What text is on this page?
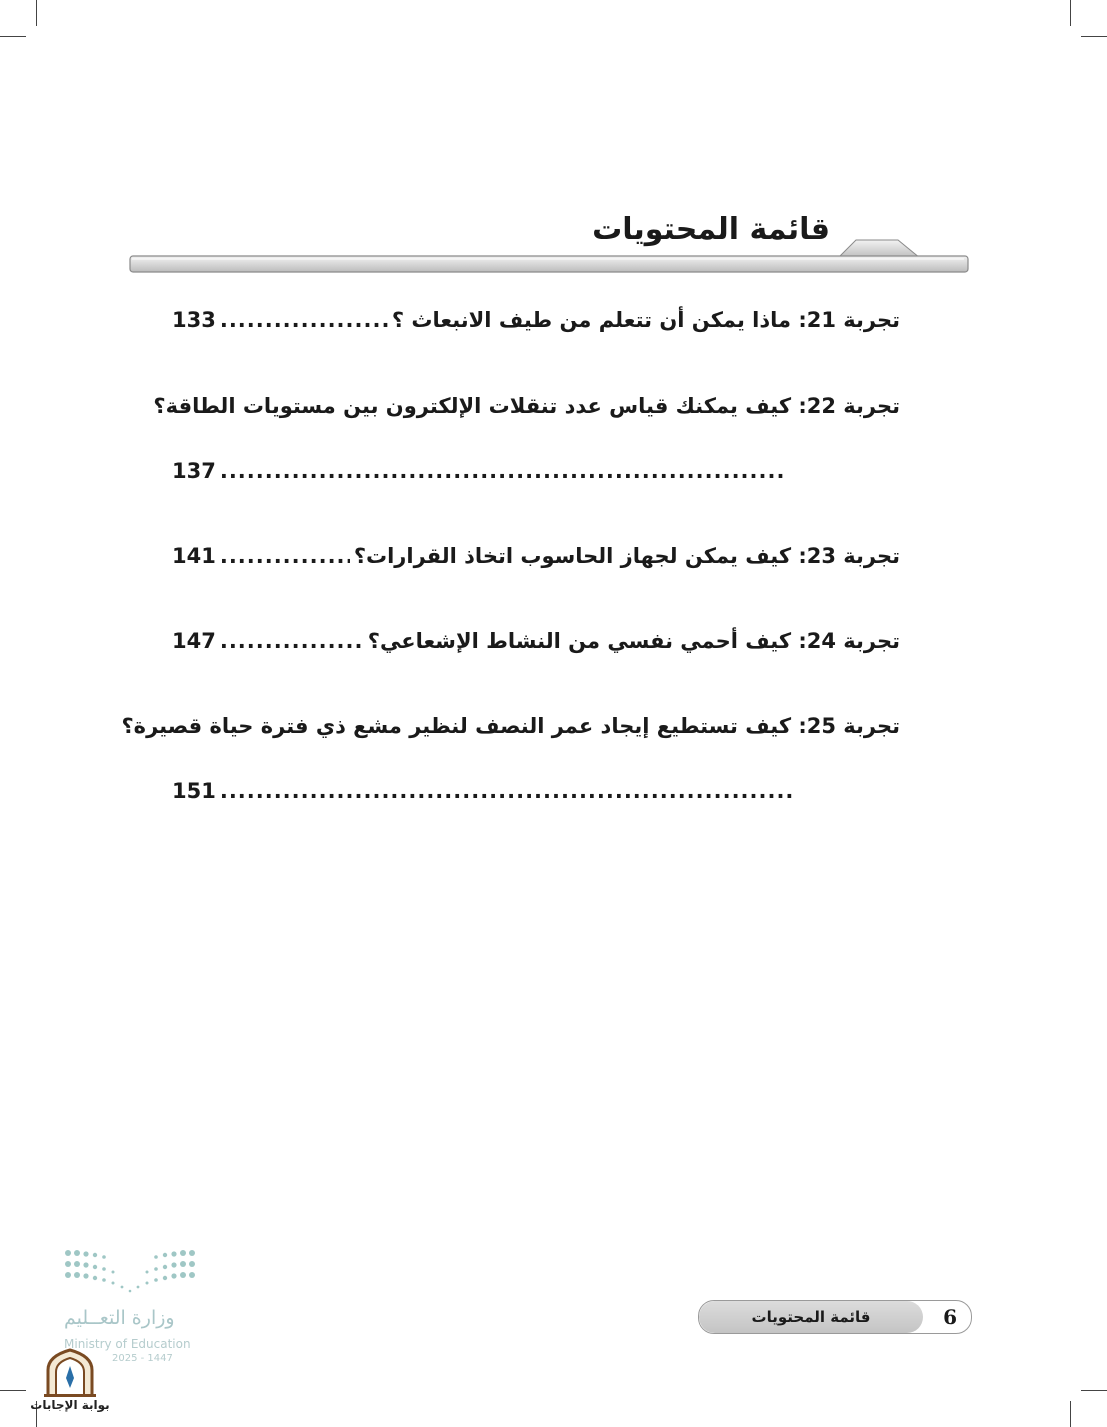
قائمة المحتويات
تجربة 21: ماذا يمكن أن تتعلم من طيف الانبعاث ؟
.....
133
تجربة 22: كيف يمكنك قياس عدد تنقلات الإلكترون بين مستويات الطاقة؟
137
.....
تجربة 23: كيف يمكن لجهاز الحاسوب اتخاذ القرارات؟
.....
141
تجربة 24: كيف أحمي نفسي من النشاط الإشعاعي؟
.....
147
تجربة 25: كيف تستطيع إيجاد عمر النصف لنظير مشع ذي فترة حياة قصيرة؟
151
.....
وزارة التعــليم
Ministry of Education
2025 - 1447
بوابة الإجابات
قائمة المحتويات	6
